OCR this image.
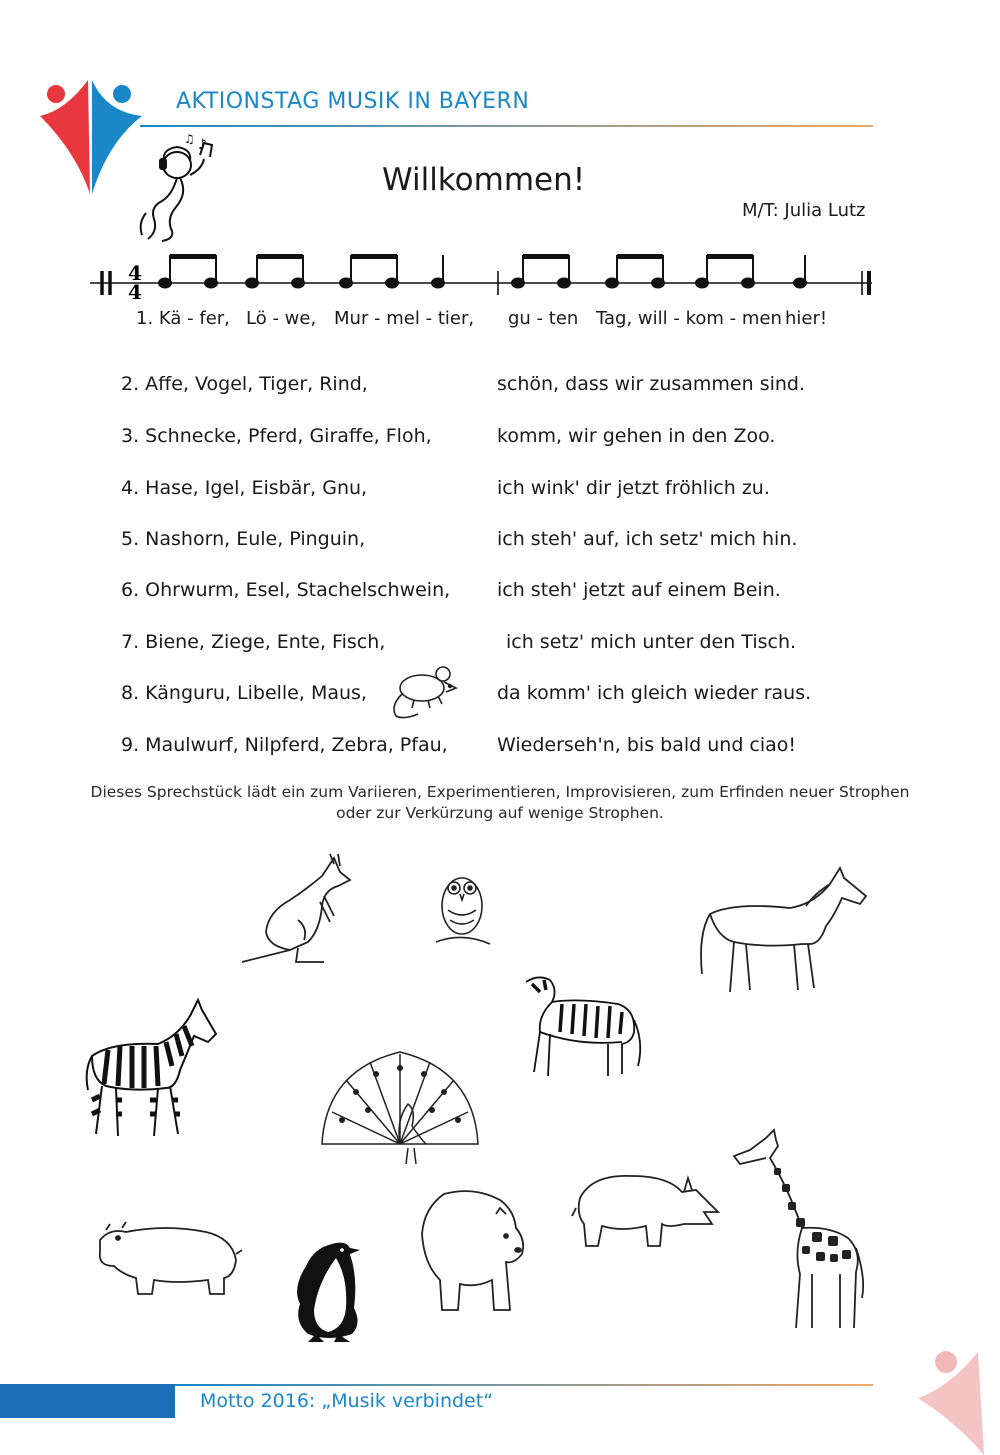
AKTIONSTAG MUSIK IN BAYERN
♪
♫
Willkommen!
M/T: Julia Lutz
4
4
1. Kä - fer, Lö - we, Mur - mel - tier, gu - ten Tag, will - kom - men hier!
2. Affe, Vogel, Tiger, Rind,	schön, dass wir zusammen sind.
3. Schnecke, Pferd, Giraffe, Floh,	komm, wir gehen in den Zoo.
4. Hase, Igel, Eisbär, Gnu,	ich wink' dir jetzt fröhlich zu.
5. Nashorn, Eule, Pinguin,	ich steh' auf, ich setz' mich hin.
6. Ohrwurm, Esel, Stachelschwein, ich steh' jetzt auf einem Bein.
7. Biene, Ziege, Ente, Fisch,	ich setz' mich unter den Tisch.
8. Känguru, Libelle, Maus,	da komm' ich gleich wieder raus.
9. Maulwurf, Nilpferd, Zebra, Pfau,	Wiederseh'n, bis bald und ciao!
Dieses Sprechstück lädt ein zum Variieren, Experimentieren, Improvisieren, zum Erfinden neuer Strophen
oder zur Verkürzung auf wenige Strophen.
Motto 2016: „Musik verbindet“
